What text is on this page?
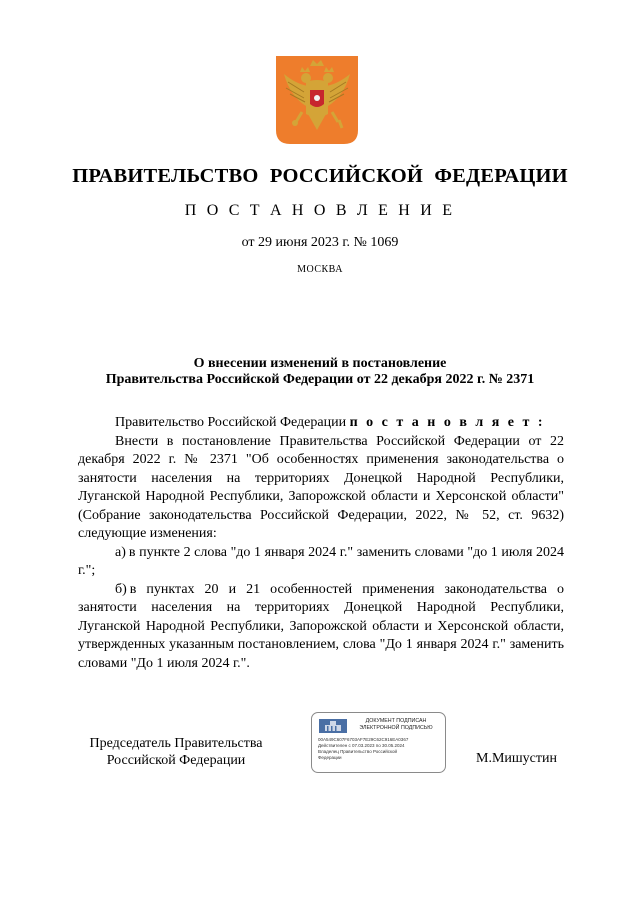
ПРАВИТЕЛЬСТВО РОССИЙСКОЙ ФЕДЕРАЦИИ
П О С Т А Н О В Л Е Н И Е
от 29 июня 2023 г. № 1069
МОСКВА
О внесении изменений в постановление
Правительства Российской Федерации от 22 декабря 2022 г. № 2371

Правительство Российской Федерации п о с т а н о в л я е т :

Внести в постановление Правительства Российской Федерации от 22 декабря 2022 г. № 2371 "Об особенностях применения законодательства о занятости населения на территориях Донецкой Народной Республики, Луганской Народной Республики, Запорожской области и Херсонской области" (Собрание законодательства Российской Федерации, 2022, № 52, ст. 9632) следующие изменения:

а) в пункте 2 слова "до 1 января 2024 г." заменить словами "до 1 июля 2024 г.";

б) в пунктах 20 и 21 особенностей применения законодательства о занятости населения на территориях Донецкой Народной Республики, Луганской Народной Республики, Запорожской области и Херсонской области, утвержденных указанным постановлением, слова "До 1 января 2024 г." заменить словами "До 1 июля 2024 г.".

Председатель Правительства
Российской Федерации
ДОКУМЕНТ ПОДПИСАН
ЭЛЕКТРОННОЙ ПОДПИСЬЮ
00A549C607F6703AF7E29C62C916EA0367
Действителен с 07.03.2023 по 30.05.2024
Владелец Правительство Российской
Федерации	М.Мишустин
